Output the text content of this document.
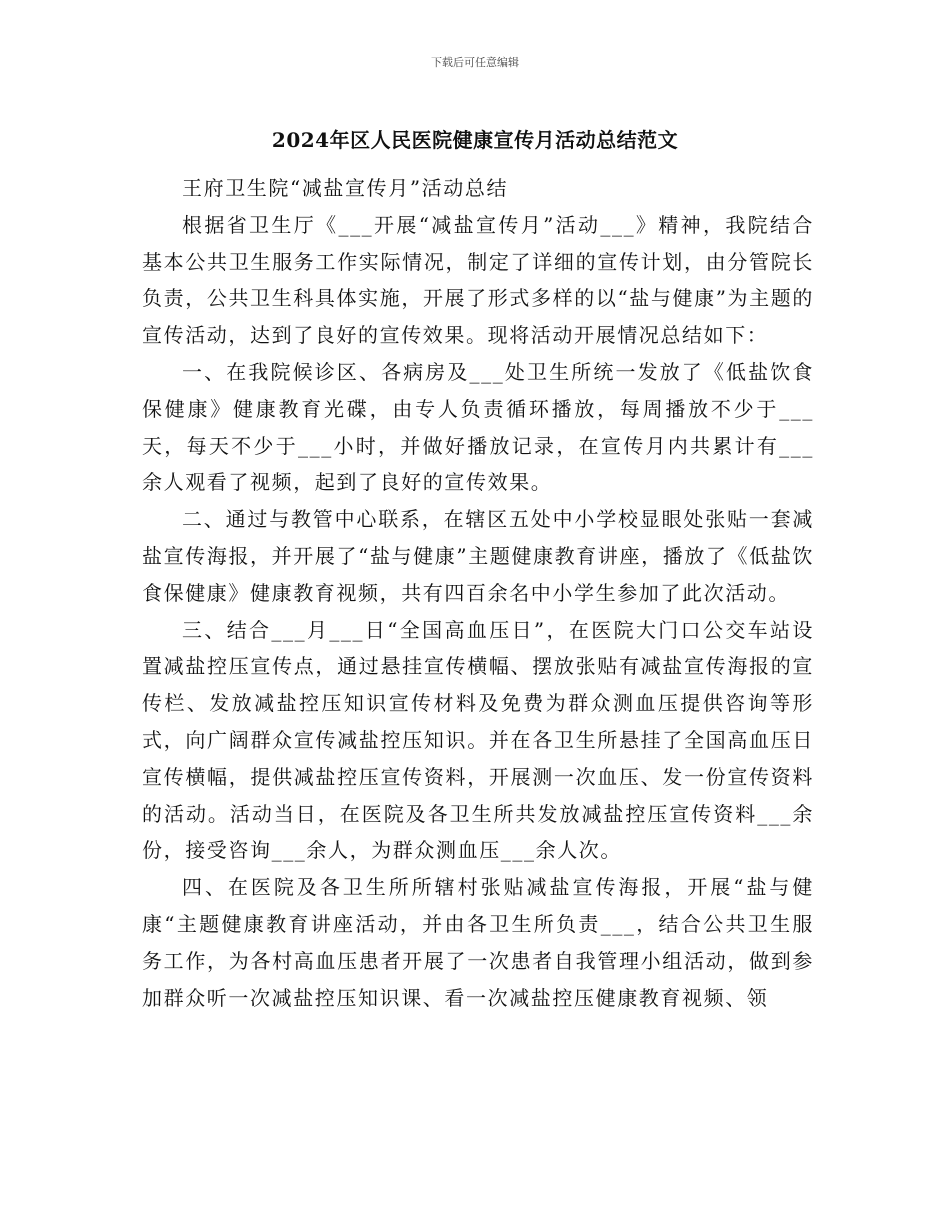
下载后可任意编辑
2024年区人民医院健康宣传月活动总结范文

王府卫生院“减盐宣传月”活动总结

根据省卫生厅《___开展“减盐宣传月”活动___》精神，我院结合基本公共卫生服务工作实际情况，制定了详细的宣传计划，由分管院长负责，公共卫生科具体实施，开展了形式多样的以“盐与健康”为主题的宣传活动，达到了良好的宣传效果。现将活动开展情况总结如下：

一、在我院候诊区、各病房及___处卫生所统一发放了《低盐饮食保健康》健康教育光碟，由专人负责循环播放，每周播放不少于___天，每天不少于___小时，并做好播放记录，在宣传月内共累计有___余人观看了视频，起到了良好的宣传效果。

二、通过与教管中心联系，在辖区五处中小学校显眼处张贴一套减盐宣传海报，并开展了“盐与健康”主题健康教育讲座，播放了《低盐饮食保健康》健康教育视频，共有四百余名中小学生参加了此次活动。

三、结合___月___日“全国高血压日”，在医院大门口公交车站设置减盐控压宣传点，通过悬挂宣传横幅、摆放张贴有减盐宣传海报的宣传栏、发放减盐控压知识宣传材料及免费为群众测血压提供咨询等形式，向广阔群众宣传减盐控压知识。并在各卫生所悬挂了全国高血压日宣传横幅，提供减盐控压宣传资料，开展测一次血压、发一份宣传资料的活动。活动当日，在医院及各卫生所共发放减盐控压宣传资料___余份，接受咨询___余人，为群众测血压___余人次。

四、在医院及各卫生所所辖村张贴减盐宣传海报，开展“盐与健康“主题健康教育讲座活动，并由各卫生所负责___，结合公共卫生服务工作，为各村高血压患者开展了一次患者自我管理小组活动，做到参加群众听一次减盐控压知识课、看一次减盐控压健康教育视频、领
